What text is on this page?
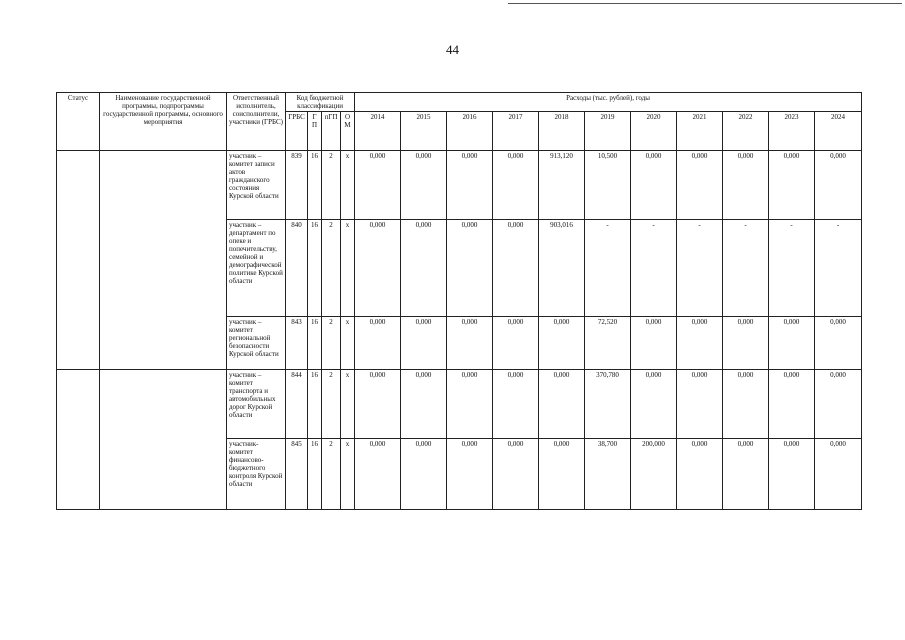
44
Статус	Наименование государственной программы, подпрограммы государственной программы, основного мероприятия	Ответственный исполнитель, соисполнители, участники (ГРБС)	Код бюджетной классификации				Расходы (тыс. рублей), годы										
			ГРБС	ГП	пГП	ОМ	2014	2015	2016	2017	2018	2019	2020	2021	2022	2023	2024
		участник – комитет записи актов гражданского состояния Курской области	839	16	2	х	0,000	0,000	0,000	0,000	913,120	10,500	0,000	0,000	0,000	0,000	0,000
		участник – департамент по опеке и попечительству, семейной и демографической политике Курской области	840	16	2	х	0,000	0,000	0,000	0,000	903,016	-	-	-	-	-	-
		участник – комитет региональной безопасности Курской области	843	16	2	х	0,000	0,000	0,000	0,000	0,000	72,520	0,000	0,000	0,000	0,000	0,000
		участник – комитет транспорта и автомобильных дорог Курской области	844	16	2	х	0,000	0,000	0,000	0,000	0,000	370,780	0,000	0,000	0,000	0,000	0,000
		участник- комитет финансово-бюджетного контроля Курской области	845	16	2	х	0,000	0,000	0,000	0,000	0,000	38,700	200,000	0,000	0,000	0,000	0,000
